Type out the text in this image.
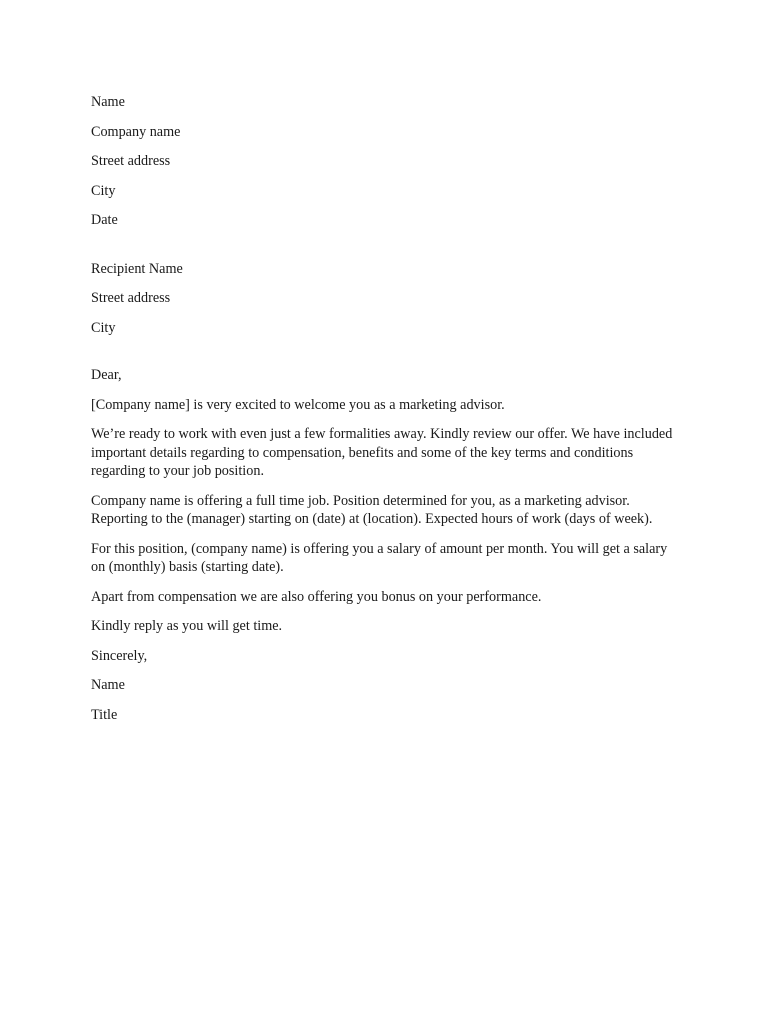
Name
Company name
Street address
City
Date
Recipient Name
Street address
City
Dear,
[Company name] is very excited to welcome you as a marketing advisor.
We’re ready to work with even just a few formalities away. Kindly review our offer. We have included important details regarding to compensation, benefits and some of the key terms and conditions regarding to your job position.
Company name is offering a full time job. Position determined for you, as a marketing advisor. Reporting to the (manager) starting on (date) at (location). Expected hours of work (days of week).
For this position, (company name) is offering you a salary of amount per month. You will get a salary on (monthly) basis (starting date).
Apart from compensation we are also offering you bonus on your performance.
Kindly reply as you will get time.
Sincerely,
Name
Title
